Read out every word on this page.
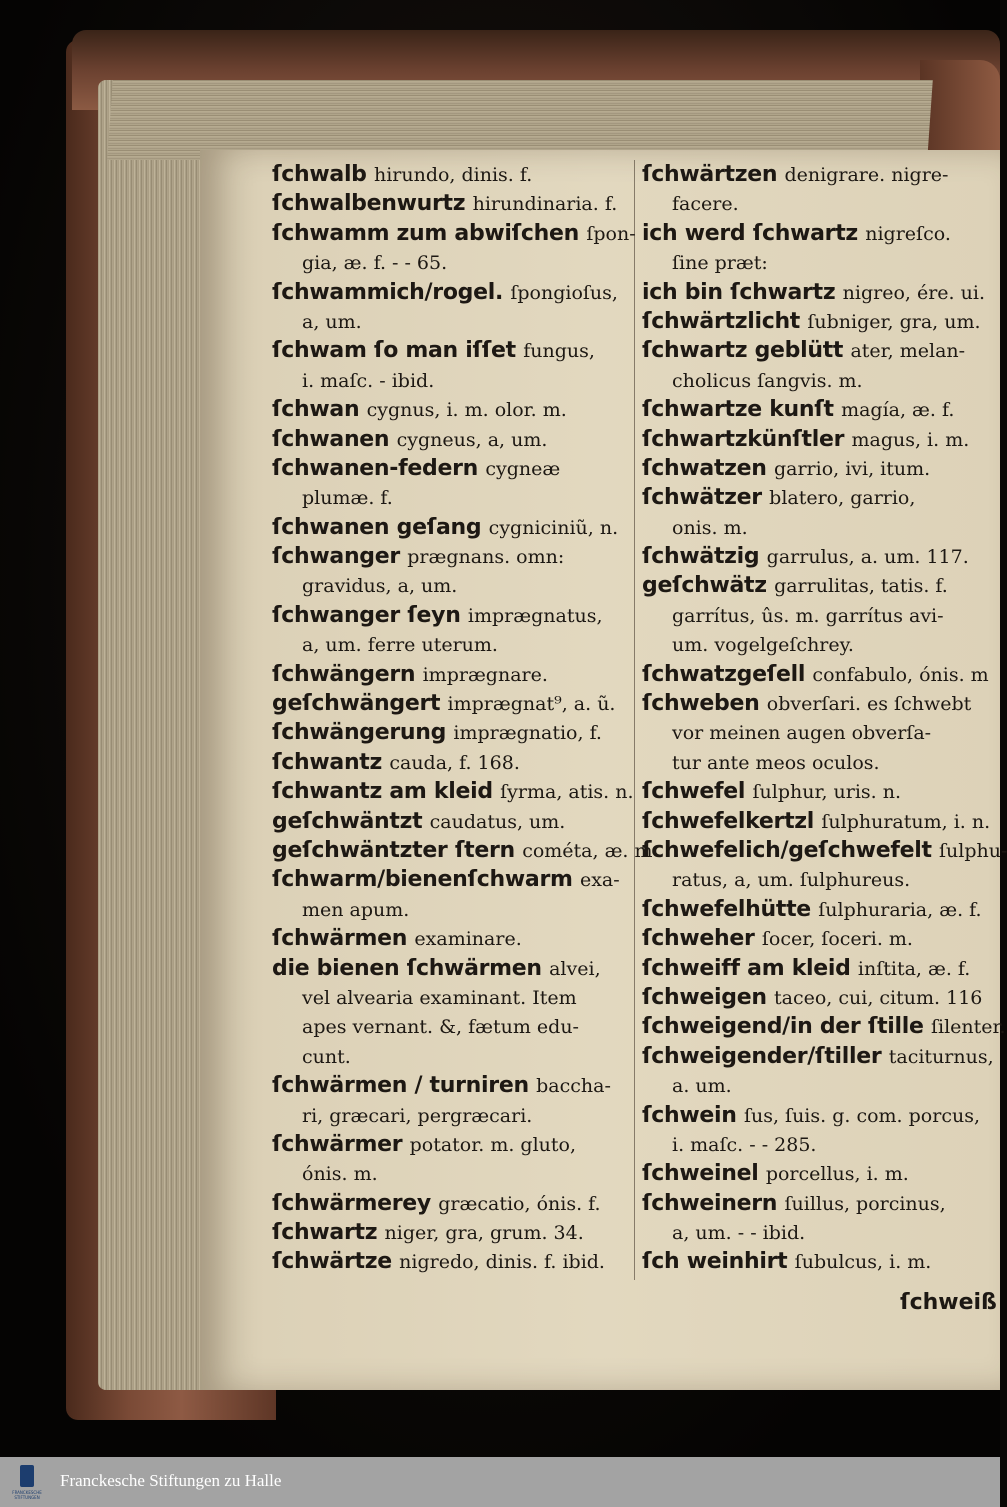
ſchwalb hirundo, dinis. f.
ſchwalbenwurtz hirundinaria. f.
ſchwamm zum abwiſchen ſpon-
gia, æ. f. - - 65.
ſchwammich/rogel. ſpongioſus,
a, um.
ſchwam ſo man iſſet fungus,
i. maſc. - ibid.
ſchwan cygnus, i. m. olor. m.
ſchwanen cygneus, a, um.
ſchwanen-federn cygneæ
plumæ. f.
ſchwanen geſang cygniciniũ, n.
ſchwanger prægnans. omn:
gravidus, a, um.
ſchwanger ſeyn imprægnatus,
a, um. ferre uterum.
ſchwängern imprægnare.
geſchwängert imprægnat⁹, a. ũ.
ſchwängerung imprægnatio, f.
ſchwantz cauda, f. 168.
ſchwantz am kleid ſyrma, atis. n.
geſchwäntzt caudatus, um.
geſchwäntzter ſtern cométa, æ. m
ſchwarm/bienenſchwarm exa-
men apum.
ſchwärmen examinare.
die bienen ſchwärmen alvei,
vel alvearia examinant. Item
apes vernant. &, fætum edu-
cunt.
ſchwärmen / turniren baccha-
ri, græcari, pergræcari.
ſchwärmer potator. m. gluto,
ónis. m.
ſchwärmerey græcatio, ónis. f.
ſchwartz niger, gra, grum. 34.
ſchwärtze nigredo, dinis. f. ibid.
ſchwärtzen denigrare. nigre-
facere.
ich werd ſchwartz nigreſco.
ſine præt:
ich bin ſchwartz nigreo, ére. ui.
ſchwärtzlicht ſubniger, gra, um.
ſchwartz geblütt ater, melan-
cholicus ſangvis. m.
ſchwartze kunſt magía, æ. f.
ſchwartzkünſtler magus, i. m.
ſchwatzen garrio, ivi, itum.
ſchwätzer blatero, garrio,
onis. m.
ſchwätzig garrulus, a. um. 117.
geſchwätz garrulitas, tatis. f.
garrítus, ûs. m. garrítus avi-
um. vogelgeſchrey.
ſchwatzgeſell confabulo, ónis. m
ſchweben obverſari. es ſchwebt
vor meinen augen obverſa-
tur ante meos oculos.
ſchwefel ſulphur, uris. n.
ſchwefelkertzl ſulphuratum, i. n.
ſchwefelich/geſchwefelt ſulphu-
ratus, a, um. ſulphureus.
ſchwefelhütte ſulphuraria, æ. f.
ſchweher ſocer, ſoceri. m.
ſchweiff am kleid inſtita, æ. f.
ſchweigen taceo, cui, citum. 116
ſchweigend/in der ſtille ſilenter.
ſchweigender/ſtiller taciturnus,
a. um.
ſchwein ſus, ſuis. g. com. porcus,
i. maſc. - - 285.
ſchweinel porcellus, i. m.
ſchweinern ſuillus, porcinus,
a, um. - - ibid.
ſch weinhirt ſubulcus, i. m.
ſchweiß
FRANCKESCHE STIFTUNGEN
Franckesche Stiftungen zu Halle
